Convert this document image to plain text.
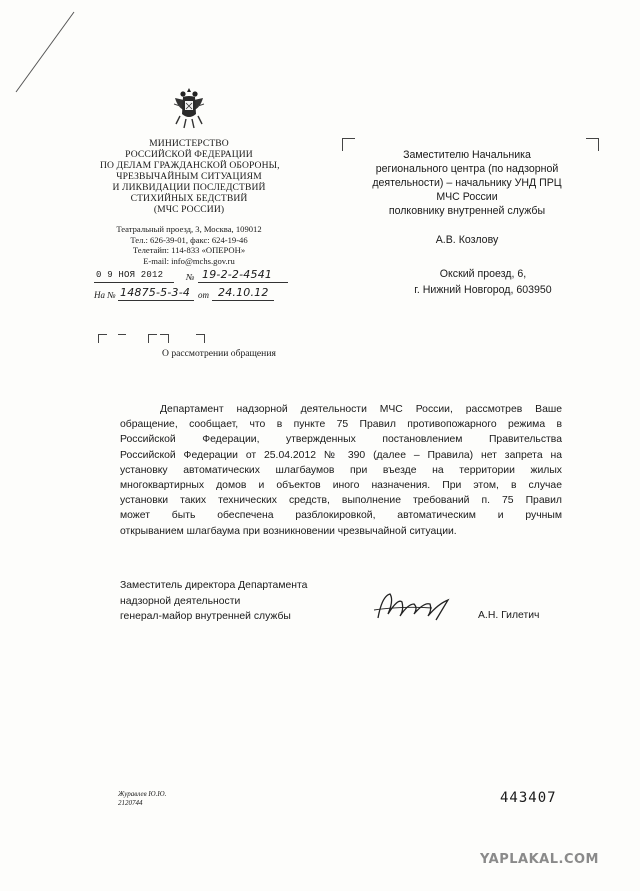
МИНИСТЕРСТВО
РОССИЙСКОЙ ФЕДЕРАЦИИ
ПО ДЕЛАМ ГРАЖДАНСКОЙ ОБОРОНЫ,
ЧРЕЗВЫЧАЙНЫМ СИТУАЦИЯМ
И ЛИКВИДАЦИИ ПОСЛЕДСТВИЙ
СТИХИЙНЫХ БЕДСТВИЙ
(МЧС РОССИИ)
Театральный проезд, 3, Москва, 109012
Тел.: 626-39-01, факс: 624-19-46
Телетайп: 114-833 «ОПЕРОН»
E-mail: info@mchs.gov.ru
0 9 НОЯ 2012	№ 19-2-2-4541
На № 14875-5-3-4 от 24.10.12
О рассмотрении обращения
Заместителю Начальника
регионального центра (по надзорной
деятельности) – начальнику УНД ПРЦ
МЧС России
полковнику внутренней службы
А.В. Козлову
Окский проезд, 6,
г. Нижний Новгород, 603950
Департамент надзорной деятельности МЧС России, рассмотрев Ваше
обращение, сообщает, что в пункте 75 Правил противопожарного режима в
Российской Федерации, утвержденных постановлением Правительства
Российской Федерации от 25.04.2012 № 390 (далее – Правила) нет запрета на
установку автоматических шлагбаумов при въезде на территории жилых
многоквартирных домов и объектов иного назначения. При этом, в случае
установки таких технических средств, выполнение требований п. 75 Правил
может быть обеспечена разблокировкой, автоматическим и ручным
открыванием шлагбаума при возникновении чрезвычайной ситуации.
Заместитель директора Департамента
надзорной деятельности
генерал-майор внутренней службы	А.Н. Гилетич
Журавлев Ю.Ю.
2120744	443407
YAPLAKAL.COM
